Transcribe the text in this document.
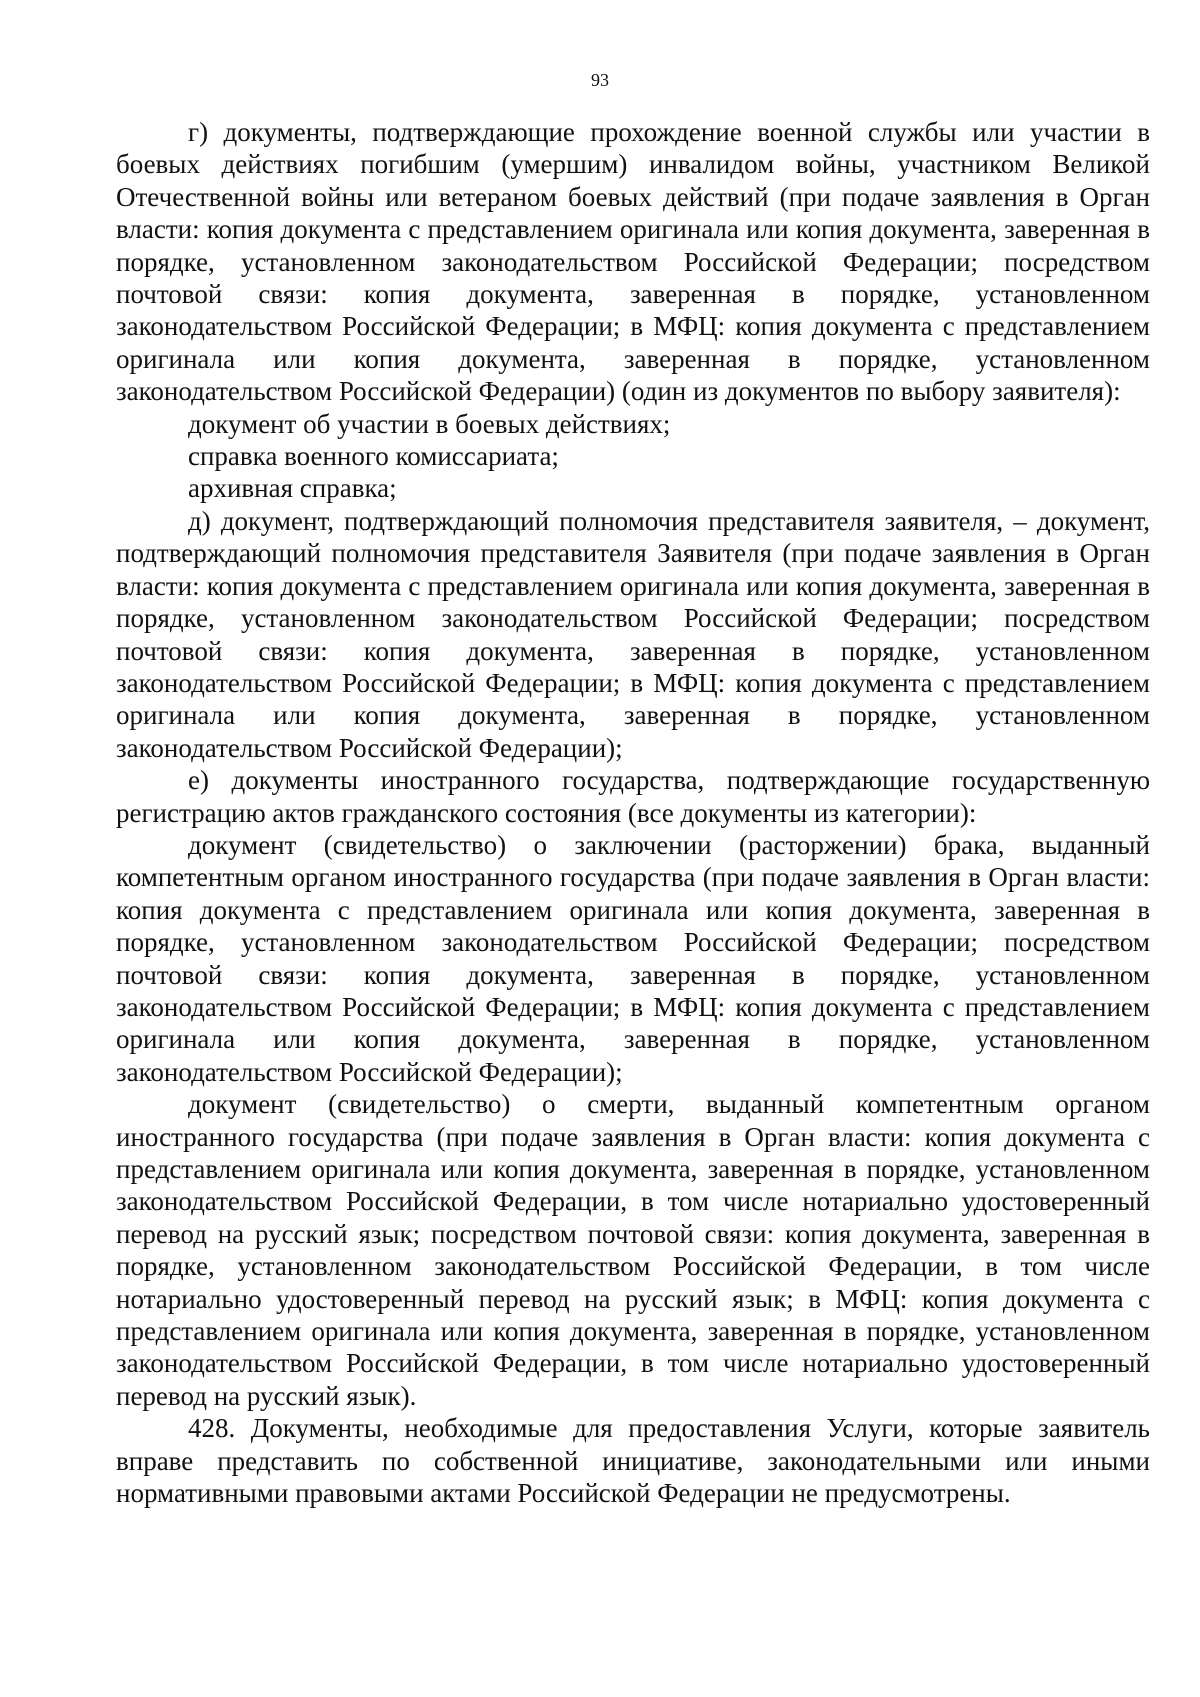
93

г) документы, подтверждающие прохождение военной службы или участии в боевых действиях погибшим (умершим) инвалидом войны, участником Великой Отечественной войны или ветераном боевых действий (при подаче заявления в Орган власти: копия документа с представлением оригинала или копия документа, заверенная в порядке, установленном законодательством Российской Федерации; посредством почтовой связи: копия документа, заверенная в порядке, установленном законодательством Российской Федерации; в МФЦ: копия документа с представлением оригинала или копия документа, заверенная в порядке, установленном законодательством Российской Федерации) (один из документов по выбору заявителя):

документ об участии в боевых действиях;

справка военного комиссариата;

архивная справка;

д) документ, подтверждающий полномочия представителя заявителя, – документ, подтверждающий полномочия представителя Заявителя (при подаче заявления в Орган власти: копия документа с представлением оригинала или копия документа, заверенная в порядке, установленном законодательством Российской Федерации; посредством почтовой связи: копия документа, заверенная в порядке, установленном законодательством Российской Федерации; в МФЦ: копия документа с представлением оригинала или копия документа, заверенная в порядке, установленном законодательством Российской Федерации);

е) документы иностранного государства, подтверждающие государственную регистрацию актов гражданского состояния (все документы из категории):

документ (свидетельство) о заключении (расторжении) брака, выданный компетентным органом иностранного государства (при подаче заявления в Орган власти: копия документа с представлением оригинала или копия документа, заверенная в порядке, установленном законодательством Российской Федерации; посредством почтовой связи: копия документа, заверенная в порядке, установленном законодательством Российской Федерации; в МФЦ: копия документа с представлением оригинала или копия документа, заверенная в порядке, установленном законодательством Российской Федерации);

документ (свидетельство) о смерти, выданный компетентным органом иностранного государства (при подаче заявления в Орган власти: копия документа с представлением оригинала или копия документа, заверенная в порядке, установленном законодательством Российской Федерации, в том числе нотариально удостоверенный перевод на русский язык; посредством почтовой связи: копия документа, заверенная в порядке, установленном законодательством Российской Федерации, в том числе нотариально удостоверенный перевод на русский язык; в МФЦ: копия документа с представлением оригинала или копия документа, заверенная в порядке, установленном законодательством Российской Федерации, в том числе нотариально удостоверенный перевод на русский язык).

428. Документы, необходимые для предоставления Услуги, которые заявитель вправе представить по собственной инициативе, законодательными или иными нормативными правовыми актами Российской Федерации не предусмотрены.
